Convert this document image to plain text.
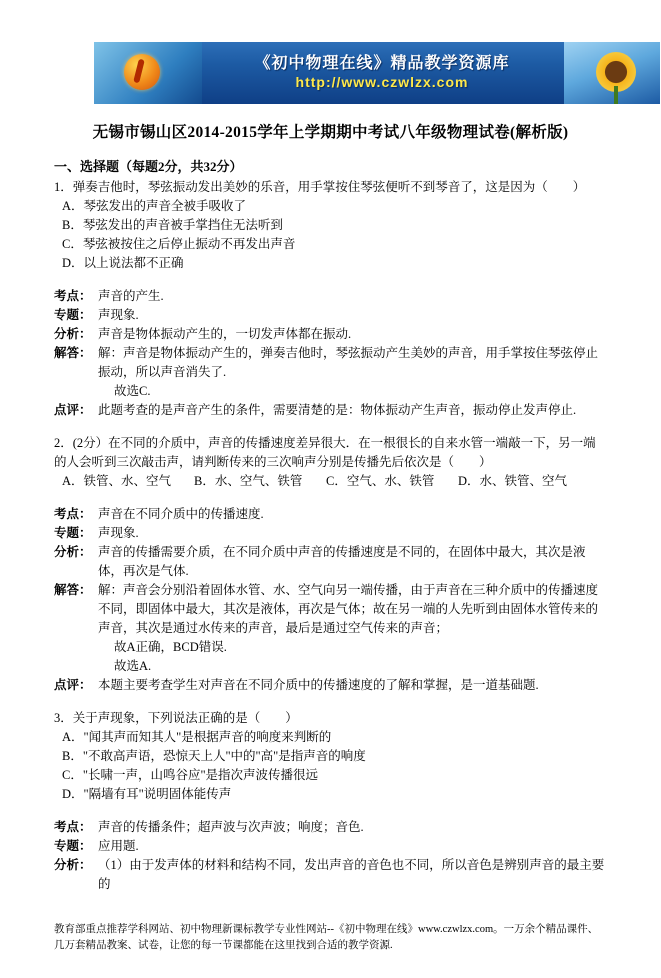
《初中物理在线》精品教学资源库
http://www.czwlzx.com
无锡市锡山区2014-2015学年上学期期中考试八年级物理试卷(解析版)
一、选择题（每题2分，共32分）
1．弹奏吉他时，琴弦振动发出美妙的乐音，用手掌按住琴弦便听不到琴音了，这是因为（　　）
A．琴弦发出的声音全被手吸收了
B．琴弦发出的声音被手掌挡住无法听到
C．琴弦被按住之后停止振动不再发出声音
D．以上说法都不正确
考点： 声音的产生.
专题： 声现象.
分析： 声音是物体振动产生的，一切发声体都在振动.
解答： 解：声音是物体振动产生的，弹奏吉他时，琴弦振动产生美妙的声音，用手掌按住琴弦停止振动，所以声音消失了.
故选C.
点评： 此题考查的是声音产生的条件，需要清楚的是：物体振动产生声音，振动停止发声停止.
2．(2分）在不同的介质中，声音的传播速度差异很大．在一根很长的自来水管一端敲一下，另一端的人会听到三次敲击声，请判断传来的三次响声分别是传播先后依次是（　　）
A．铁管、水、空气	B．水、空气、铁管	C．空气、水、铁管	D．水、铁管、空气
考点： 声音在不同介质中的传播速度.
专题： 声现象.
分析： 声音的传播需要介质，在不同介质中声音的传播速度是不同的，在固体中最大，其次是液体，再次是气体.
解答： 解：声音会分别沿着固体水管、水、空气向另一端传播，由于声音在三种介质中的传播速度不同，即固体中最大，其次是液体，再次是气体；故在另一端的人先听到由固体水管传来的声音，其次是通过水传来的声音，最后是通过空气传来的声音；
故A正确，BCD错误.
故选A.
点评： 本题主要考查学生对声音在不同介质中的传播速度的了解和掌握，是一道基础题.
3．关于声现象，下列说法正确的是（　　）
A．"闻其声而知其人"是根据声音的响度来判断的
B．"不敢高声语，恐惊天上人"中的"高"是指声音的响度
C．"长啸一声，山鸣谷应"是指次声波传播很远
D．"隔墙有耳"说明固体能传声
考点： 声音的传播条件；超声波与次声波；响度；音色.
专题： 应用题.
分析： （1）由于发声体的材料和结构不同，发出声音的音色也不同，所以音色是辨别声音的最主要的
教育部重点推荐学科网站、初中物理新课标教学专业性网站--《初中物理在线》www.czwlzx.com。一万余个精品课件、
几万套精品教案、试卷，让您的每一节课都能在这里找到合适的教学资源.
